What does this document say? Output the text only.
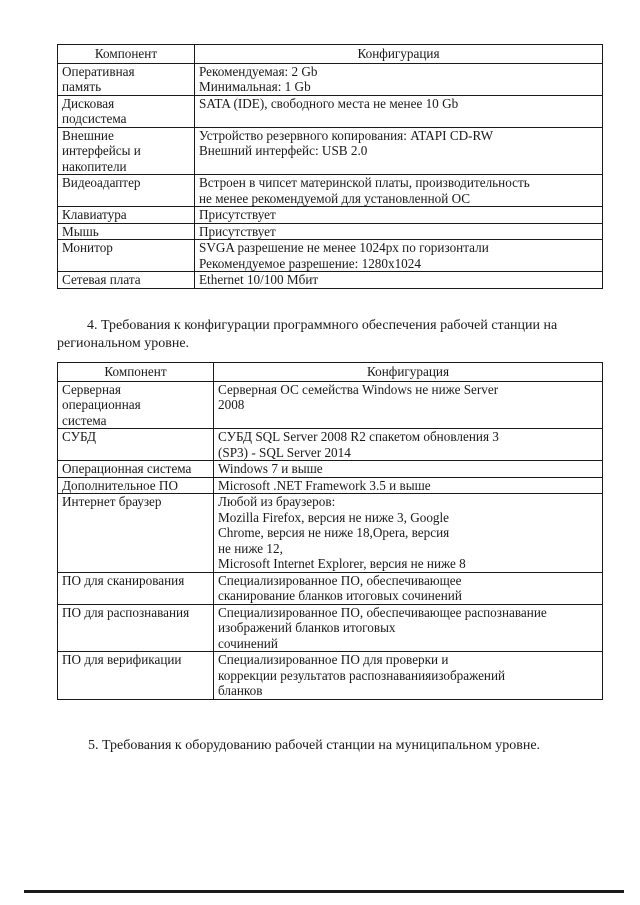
Компонент	Конфигурация

Оперативная
память	Рекомендуемая: 2 Gb
Минимальная: 1 Gb

Дисковая
подсистема	SATA (IDE), свободного места не менее 10 Gb

Внешние
интерфейсы и
накопители	Устройство резервного копирования: ATAPI CD-RW
Внешний интерфейс: USB 2.0

Видеоадаптер	Встроен в чипсет материнской платы, производительность
не менее рекомендуемой для установленной ОС

Клавиатура	Присутствует

Мышь	Присутствует

Монитор	SVGA разрешение не менее 1024px по горизонтали
Рекомендуемое разрешение: 1280x1024

Сетевая плата	Ethernet 10/100 Мбит

4. Требования к конфигурации программного обеспечения рабочей станции на региональном уровне.

Компонент	Конфигурация

Серверная
операционная
система	Серверная ОС семейства Windows не ниже Server
2008

СУБД	СУБД SQL Server 2008 R2 спакетом обновления 3
(SP3) - SQL Server 2014

Операционная система	Windows 7 и выше

Дополнительное ПО	Microsoft .NET Framework 3.5 и выше

Интернет браузер	Любой из браузеров:
Mozilla Firefox, версия не ниже 3, Google
Chrome, версия не ниже 18,Opera, версия
не ниже 12,
Microsoft Internet Explorer, версия не ниже 8

ПО для сканирования	Специализированное ПО, обеспечивающее
сканирование бланков итоговых сочинений

ПО для распознавания	Специализированное ПО, обеспечивающее распознавание
изображений бланков итоговых
сочинений

ПО для верификации	Специализированное ПО для проверки и
коррекции результатов распознаванияизображений
бланков

5. Требования к оборудованию рабочей станции на муниципальном уровне.
